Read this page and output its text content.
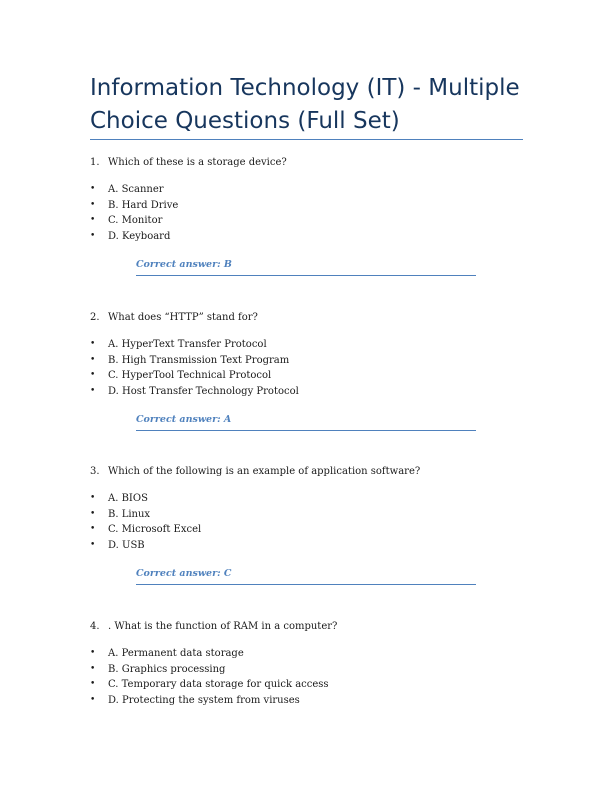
Information Technology (IT) - Multiple Choice Questions (Full Set)

1. Which of these is a storage device?

•	A. Scanner
•	B. Hard Drive
•	C. Monitor
•	D. Keyboard
Correct answer: B

2. What does “HTTP” stand for?

•	A. HyperText Transfer Protocol
•	B. High Transmission Text Program
•	C. HyperTool Technical Protocol
•	D. Host Transfer Technology Protocol
Correct answer: A

3. Which of the following is an example of application software?

•	A. BIOS
•	B. Linux
•	C. Microsoft Excel
•	D. USB
Correct answer: C

4. . What is the function of RAM in a computer?

•	A. Permanent data storage
•	B. Graphics processing
•	C. Temporary data storage for quick access
•	D. Protecting the system from viruses
